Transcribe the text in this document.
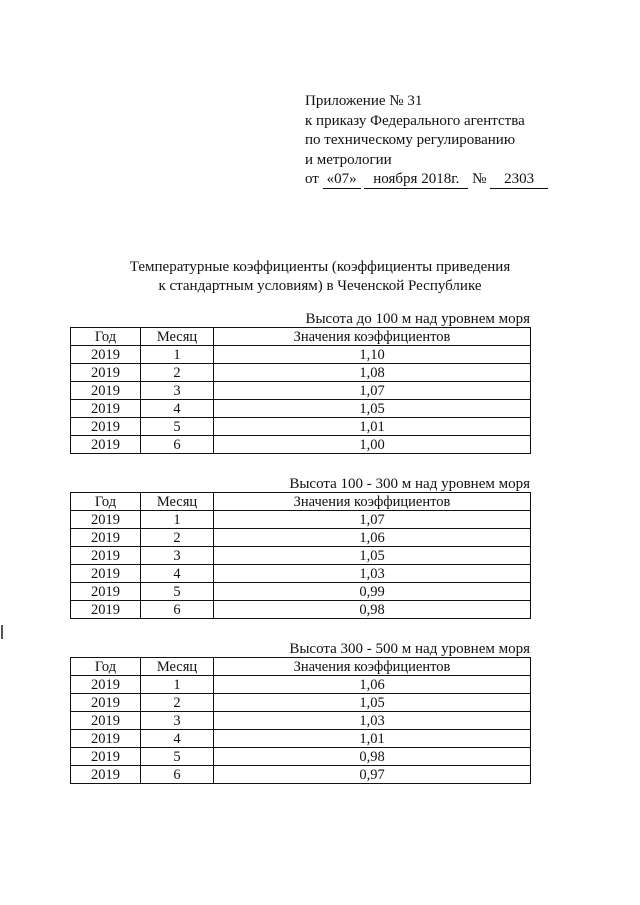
Приложение № 31
к приказу Федерального агентства
по техническому регулированию
и метрологии
от «07» ноября 2018г. № 2303
Температурные коэффициенты (коэффициенты приведения
к стандартным условиям) в Чеченской Республике
Высота до 100 м над уровнем моря
Год	Месяц	Значения коэффициентов
2019	1	1,10
2019	2	1,08
2019	3	1,07
2019	4	1,05
2019	5	1,01
2019	6	1,00
Высота 100 - 300 м над уровнем моря
Год	Месяц	Значения коэффициентов
2019	1	1,07
2019	2	1,06
2019	3	1,05
2019	4	1,03
2019	5	0,99
2019	6	0,98
Высота 300 - 500 м над уровнем моря
Год	Месяц	Значения коэффициентов
2019	1	1,06
2019	2	1,05
2019	3	1,03
2019	4	1,01
2019	5	0,98
2019	6	0,97
